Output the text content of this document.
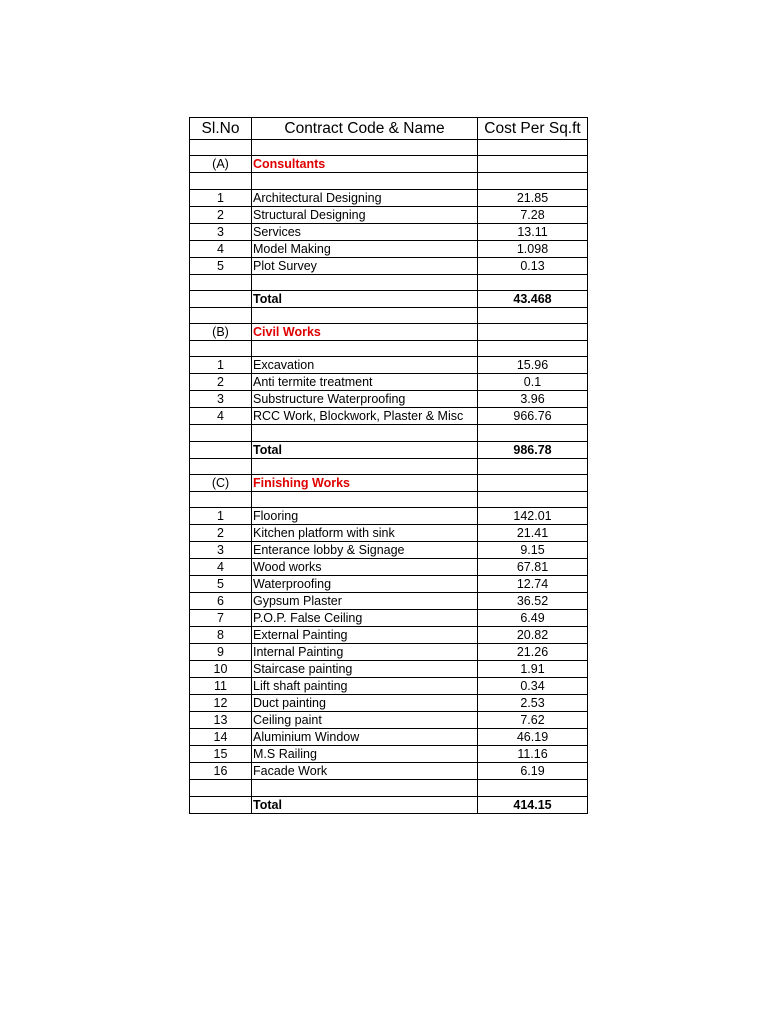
Sl.No	Contract Code & Name	Cost Per Sq.ft

(A)	Consultants	

1	Architectural Designing	21.85
2	Structural Designing	7.28
3	Services	13.11
4	Model Making	1.098
5	Plot Survey	0.13

	Total	43.468

(B)	Civil Works	

1	Excavation	15.96
2	Anti termite treatment	0.1
3	Substructure Waterproofing	3.96
4	RCC Work, Blockwork, Plaster & Misc	966.76

	Total	986.78

(C)	Finishing Works	

1	Flooring	142.01
2	Kitchen platform with sink	21.41
3	Enterance lobby & Signage	9.15
4	Wood works	67.81
5	Waterproofing	12.74
6	Gypsum Plaster	36.52
7	P.O.P. False Ceiling	6.49
8	External Painting	20.82
9	Internal Painting	21.26
10	Staircase painting	1.91
11	Lift shaft painting	0.34
12	Duct painting	2.53
13	Ceiling paint	7.62
14	Aluminium Window	46.19
15	M.S Railing	11.16
16	Facade Work	6.19

	Total	414.15
